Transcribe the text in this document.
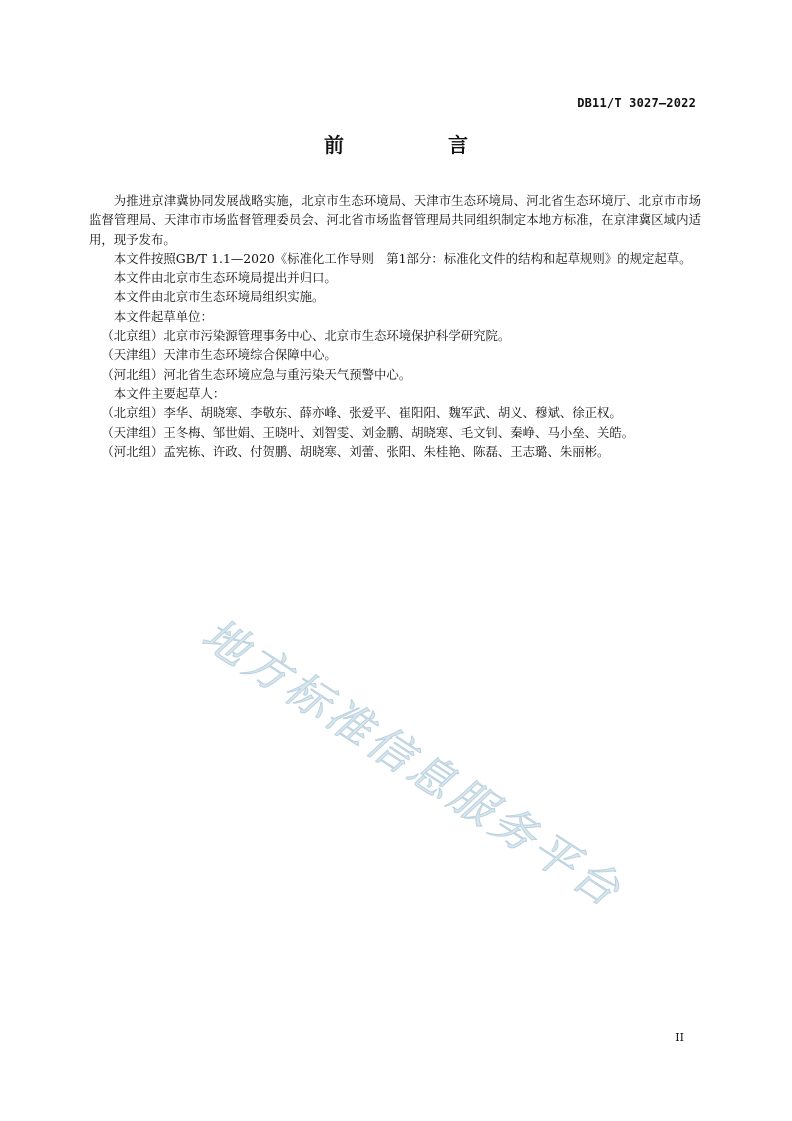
DB11/T 3027—2022
前　言

为推进京津冀协同发展战略实施，北京市生态环境局、天津市生态环境局、河北省生态环境厅、北京市市场监督管理局、天津市市场监督管理委员会、河北省市场监督管理局共同组织制定本地方标准，在京津冀区域内适用，现予发布。

本文件按照GB/T 1.1—2020《标准化工作导则　第1部分：标准化文件的结构和起草规则》的规定起草。

本文件由北京市生态环境局提出并归口。

本文件由北京市生态环境局组织实施。

本文件起草单位：

（北京组）北京市污染源管理事务中心、北京市生态环境保护科学研究院。

（天津组）天津市生态环境综合保障中心。

（河北组）河北省生态环境应急与重污染天气预警中心。

本文件主要起草人：

（北京组）李华、胡晓寒、李敬东、薛亦峰、张爱平、崔阳阳、魏军武、胡义、穆斌、徐正权。

（天津组）王冬梅、邹世娟、王晓叶、刘智雯、刘金鹏、胡晓寒、毛文钊、秦峥、马小垒、关皓。

（河北组）孟宪栋、许政、付贺鹏、胡晓寒、刘蕾、张阳、朱桂艳、陈磊、王志璐、朱丽彬。

地方标准信息服务平台
II
